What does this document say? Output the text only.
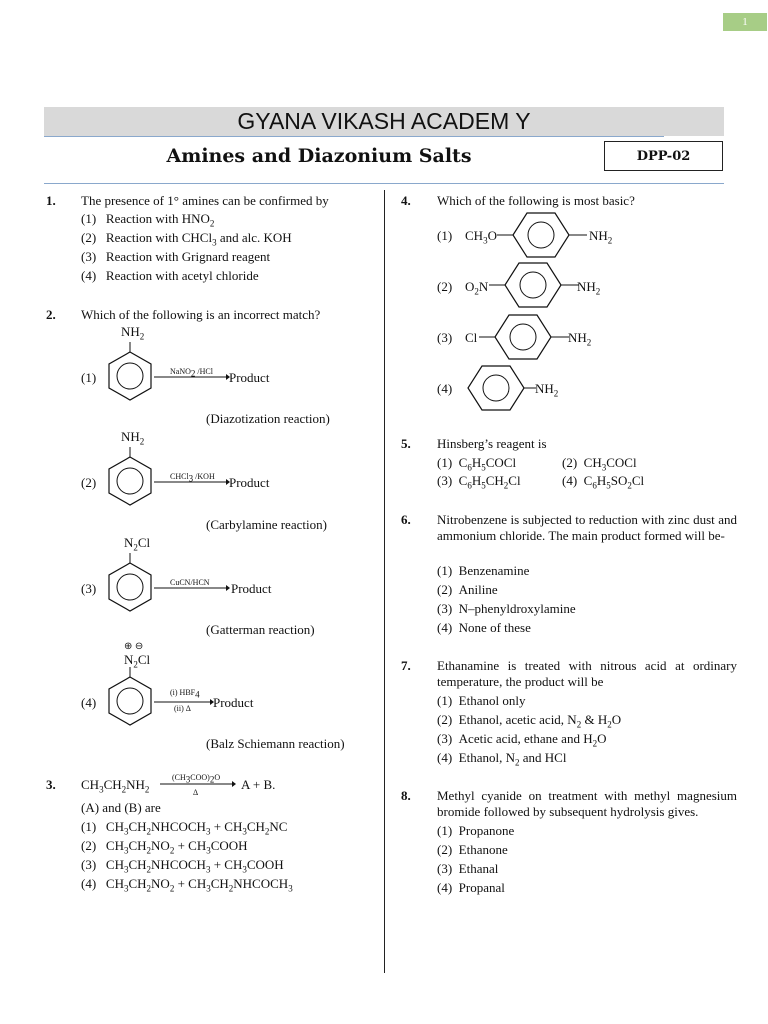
1
GYANA VIKASH ACADEM Y
Amines and Diazonium Salts	DPP-02
1. The presence of 1° amines can be confirmed by
(1) Reaction with $HNO_2$
(2) Reaction with CHCl$_3$ and alc. KOH
(3) Reaction with Grignard reagent
(4) Reaction with acetyl chloride
2. Which of the following is an incorrect match?
$NH_2$
(1)	NaNO$_2$ /HCl Product
(Diazotization reaction)
$NH_2$
(2)	CHCl$_3$ /KOH Product
(Carbylamine reaction)
$N_2Cl$
(3)	CuCN/HCN Product
(Gatterman reaction)
⊕ ⊖
$N_2Cl$
(4)
(i) $HBF_4$
(ii) Δ Product
(Balz Schiemann reaction)
3. $CH_3CH_2NH_2$
$(CH_3COO)_2O$
Δ
A + B.
(A) and (B) are
(1) $CH_3CH_2NHCOCH_3 + CH_3CH_2NC$
(2) $CH_3CH_2NO_2$ + $CH_3COOH$
(3) $CH_3CH_2NHCOCH_3$ + $CH_3COOH$
(4) $CH_3CH_2NO_2$ + $CH_3CH_2NHCOCH_3$
4. Which of the following is most basic?
(1) $CH_3O$	$NH_2$
(2) $O_2N$	$NH_2$
(3) Cl	$NH_2$
(4)	$NH_2$
5. Hinsberg’s reagent is
(1) $C_6H_5COCl$	(2) $CH_3COCl$
(3) $C_6H_5CH_2Cl$	(4) $C_6H_5SO_2Cl$
6. Nitrobenzene is subjected to reduction with zinc dust and ammonium chloride. The main product formed will be-
(1) Benzenamine
(2) Aniline
(3) N–phenyldroxylamine
(4) None of these
7. Ethanamine is treated with nitrous acid at ordinary temperature, the product will be
(1) Ethanol only
(2) Ethanol, acetic acid, $N_2$ & $H_2O$
(3) Acetic acid, ethane and $H_2O$
(4) Ethanol, $N_2$ and HCl
8. Methyl cyanide on treatment with methyl magnesium bromide followed by subsequent hydrolysis gives.
(1) Propanone
(2) Ethanone
(3) Ethanal
(4) Propanal
